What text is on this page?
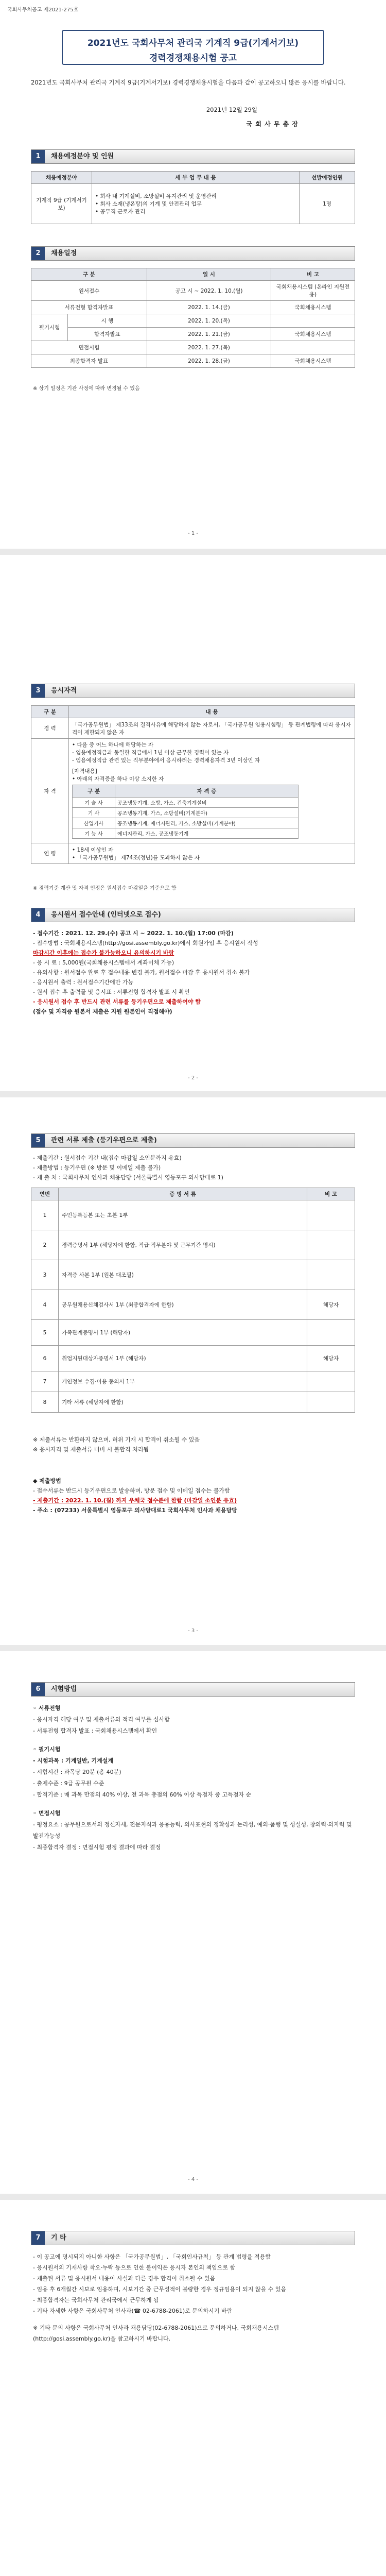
국회사무처공고 제2021-275호
2021년도 국회사무처 관리국 기계직 9급(기계서기보)
경력경쟁채용시험 공고
2021년도 국회사무처 관리국 기계직 9급(기계서기보) 경력경쟁채용시험을 다음과 같이 공고하오니 많은 응시를 바랍니다.
2021년 12월 29일
국 회 사 무 총 장
1	채용예정분야 및 인원
채용예정분야	세 부 업 무 내 용	선발예정인원
기계직 9급 (기계서기보)	• 회사 내 기계설비, 소방설비 유지관리 및 운영관리
• 회사 소재(냉온탕)의 기계 및 안전관리 업무
• 공무직 근로자 관리	1명
2	채용일정
구 분		일 시	비 고
원서접수		공고 시 ~ 2022. 1. 10.(월)	국회채용시스템 (온라인 지원전용)
서류전형 합격자발표		2022. 1. 14.(금)	국회채용시스템
필기시험	시 행	2022. 1. 20.(목)	
	합격자발표	2022. 1. 21.(금)	국회채용시스템
면접시험		2022. 1. 27.(목)	
최종합격자 발표		2022. 1. 28.(금)	국회채용시스템
※ 상기 일정은 기관 사정에 따라 변경될 수 있음
- 1 -
3	응시자격
구 분	내 용
경 력	「국가공무원법」 제33조의 결격사유에 해당하지 않는 자로서, 「국가공무원 임용시험령」 등 관계법령에 따라 응시자격이 제한되지 않은 자
자 격	
• 다음 중 어느 하나에 해당하는 자
- 임용예정직급과 동일한 직급에서 1년 이상 근무한 경력이 있는 자
- 임용예정직급 관련 있는 직무분야에서 응시하려는 경력채용자격 3년 이상인 자
[자격내용]
• 아래의 자격증을 하나 이상 소지한 자
구 분	자 격 증
기 술 사	공조냉동기계, 소방, 가스, 건축기계설비
기 사	공조냉동기계, 가스, 소방설비(기계분야)
산업기사	공조냉동기계, 에너지관리, 가스, 소방설비(기계분야)
기 능 사	에너지관리, 가스, 공조냉동기계

연 령	
• 18세 이상인 자
• 「국가공무원법」 제74조(정년)를 도과하지 않은 자
※ 경력기준 계산 및 자격 인정은 원서접수 마감일을 기준으로 함
4	응시원서 접수안내 (인터넷으로 접수)
- 접수기간 : 2021. 12. 29.(수) 공고 시 ~ 2022. 1. 10.(월) 17:00 (마감)
- 접수방법 : 국회채용시스템(http://gosi.assembly.go.kr)에서 회원가입 후 응시원서 작성
마감시간 이후에는 접수가 불가능하오니 유의하시기 바람
- 응 시 료 : 5,000원(국회채용시스템에서 계좌이체 가능)
- 유의사항 : 원서접수 완료 후 접수내용 변경 불가, 원서접수 마감 후 응시원서 취소 불가
- 응시원서 출력 : 원서접수기간에만 가능
- 원서 접수 후 출력물 및 응시표 : 서류전형 합격자 발표 시 확인
- 응시원서 접수 후 반드시 관련 서류를 등기우편으로 제출하여야 함
(접수 및 자격증 원본서 제출은 지원 원본인이 직접해야)
- 2 -
5	관련 서류 제출 (등기우편으로 제출)
- 제출기간 : 원서접수 기간 내(접수 마감일 소인분까지 유효)
- 제출방법 : 등기우편 (※ 방문 및 이메일 제출 불가)
- 제 출 처 : 국회사무처 인사과 채용담당 (서울특별시 영등포구 의사당대로 1)
연번	증 빙 서 류	비 고
1	주민등록등본 또는 초본 1부	
2	경력증명서 1부 (해당자에 한함, 직급·직무분야 및 근무기간 명시)	
3	자격증 사본 1부 (원본 대조필)	
4	공무원채용신체검사서 1부 (최종합격자에 한함)	해당자
5	가족관계증명서 1부 (해당자)	
6	취업지원대상자증명서 1부 (해당자)	해당자
7	개인정보 수집·이용 동의서 1부	
8	기타 서류 (해당자에 한함)	
※ 제출서류는 반환하지 않으며, 허위 기재 시 합격이 취소될 수 있음
※ 응시자격 및 제출서류 미비 시 불합격 처리됨
◆ 제출방법
- 접수서류는 반드시 등기우편으로 발송하며, 방문 접수 및 이메일 접수는 불가함
- 제출기간 : 2022. 1. 10.(월) 까지 우체국 접수분에 한함 (마감일 소인분 유효)
- 주소 : (07233) 서울특별시 영등포구 의사당대로1 국회사무처 인사과 채용담당
- 3 -
6	시험방법
◦ 서류전형
- 응시자격 해당 여부 및 제출서류의 적격 여부를 심사함
- 서류전형 합격자 발표 : 국회채용시스템에서 확인
◦ 필기시험
- 시험과목 : 기계일반, 기계설계
- 시험시간 : 과목당 20분 (총 40분)
- 출제수준 : 9급 공무원 수준
- 합격기준 : 매 과목 만점의 40% 이상, 전 과목 총점의 60% 이상 득점자 중 고득점자 순
◦ 면접시험
- 평정요소 : 공무원으로서의 정신자세, 전문지식과 응용능력, 의사표현의 정확성과 논리성, 예의·품행 및 성실성, 창의력·의지력 및 발전가능성
- 최종합격자 결정 : 면접시험 평정 결과에 따라 결정
- 4 -
7	기 타
- 이 공고에 명시되지 아니한 사항은 「국가공무원법」, 「국회인사규칙」 등 관계 법령을 적용함
- 응시원서의 기재사항 착오·누락 등으로 인한 불이익은 응시자 본인의 책임으로 함
- 제출된 서류 및 응시원서 내용이 사실과 다른 경우 합격이 취소될 수 있음
- 임용 후 6개월간 시보로 임용하며, 시보기간 중 근무성적이 불량한 경우 정규임용이 되지 않을 수 있음
- 최종합격자는 국회사무처 관리국에서 근무하게 됨
- 기타 자세한 사항은 국회사무처 인사과(☎ 02-6788-2061)로 문의하시기 바람
※ 기타 문의 사항은 국회사무처 인사과 채용담당(02-6788-2061)으로 문의하거나, 국회채용시스템(http://gosi.assembly.go.kr)을 참고하시기 바랍니다.
